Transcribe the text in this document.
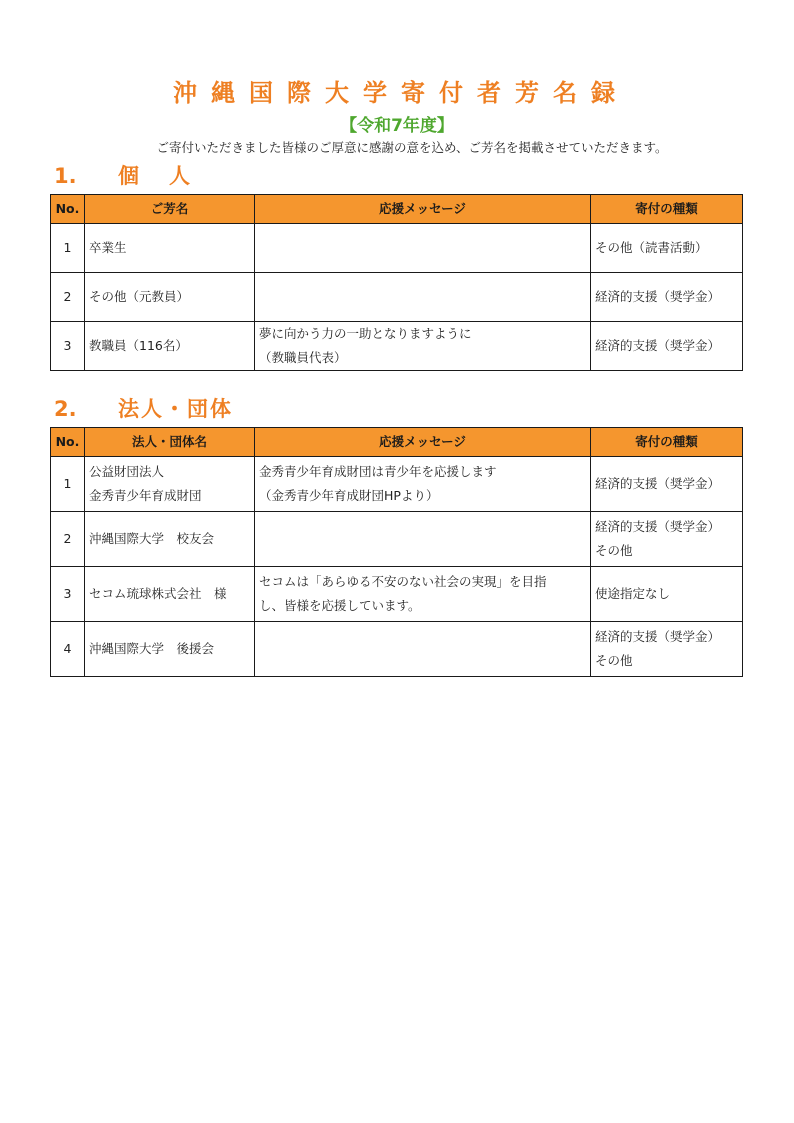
沖縄国際大学寄付者芳名録
【令和7年度】
ご寄付いただきました皆様のご厚意に感謝の意を込め、ご芳名を掲載させていただきます。
1. 個人
No.	ご芳名	応援メッセージ	寄付の種類
1	卒業生		その他（読書活動）

2	その他（元教員）		経済的支援（奨学金）

3	教職員（116名）	夢に向かう力の一助となりますように
（教職員代表）	経済的支援（奨学金）
2. 法人・団体
No.	法人・団体名	応援メッセージ	寄付の種類
1	公益財団法人
金秀青少年育成財団	金秀青少年育成財団は青少年を応援します
（金秀青少年育成財団HPより）	経済的支援（奨学金）

2	沖縄国際大学　校友会		経済的支援（奨学金）
その他

3	セコム琉球株式会社　様	セコムは「あらゆる不安のない社会の実現」を目指
し、皆様を応援しています。	使途指定なし

4	沖縄国際大学　後援会		経済的支援（奨学金）
その他
